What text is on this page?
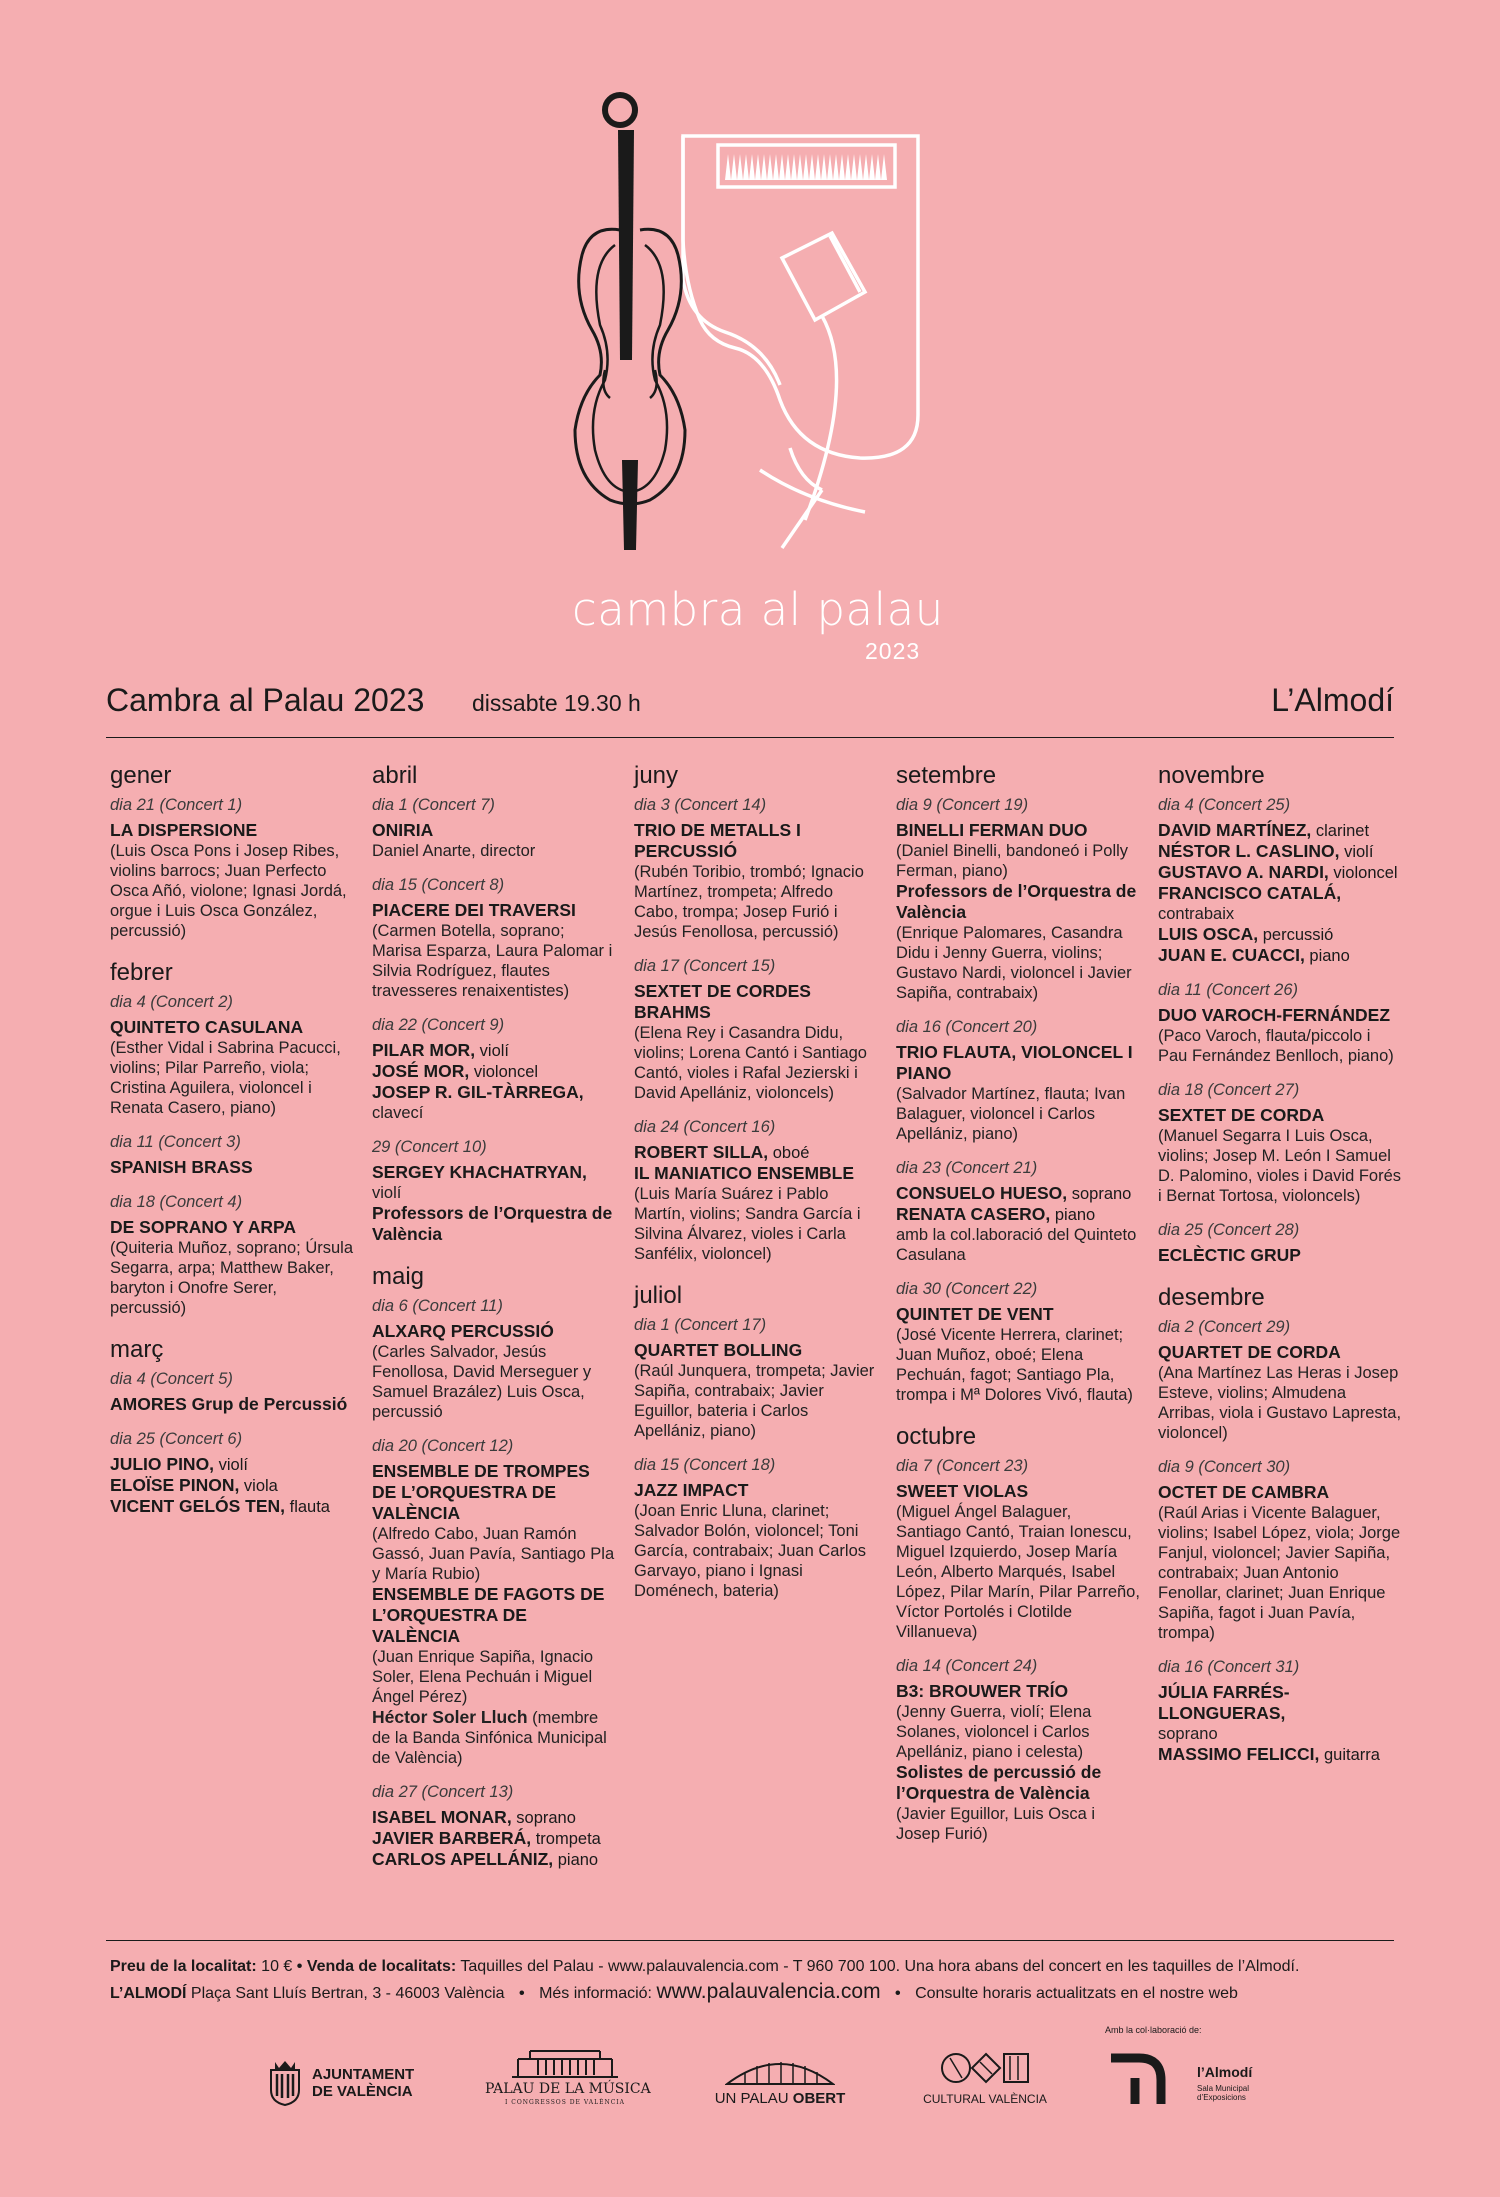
cambra al palau
2023
Cambra al Palau 2023 dissabte 19.30 h	L’Almodí
gener
dia 21 (Concert 1)
LA DISPERSIONE
(Luis Osca Pons i Josep Ribes, violins barrocs; Juan Perfecto Osca Añó, violone; Ignasi Jordá, orgue i Luis Osca González, percussió)
febrer
dia 4 (Concert 2)
QUINTETO CASULANA
(Esther Vidal i Sabrina Pacucci, violins; Pilar Parreño, viola; Cristina Aguilera, violoncel i Renata Casero, piano)
dia 11 (Concert 3)
SPANISH BRASS
dia 18 (Concert 4)
DE SOPRANO Y ARPA
(Quiteria Muñoz, soprano; Úrsula Segarra, arpa; Matthew Baker, baryton i Onofre Serer, percussió)
març
dia 4 (Concert 5)
AMORES Grup de Percussió
dia 25 (Concert 6)
JULIO PINO, violí
ELOÏSE PINON, viola
VICENT GELÓS TEN, flauta
abril
dia 1 (Concert 7)
ONIRIA
Daniel Anarte, director
dia 15 (Concert 8)
PIACERE DEI TRAVERSI
(Carmen Botella, soprano; Marisa Esparza, Laura Palomar i Silvia Rodríguez, flautes travesseres renaixentistes)
dia 22 (Concert 9)
PILAR MOR, violí
JOSÉ MOR, violoncel
JOSEP R. GIL-TÀRREGA,
clavecí
29 (Concert 10)
SERGEY KHACHATRYAN,
violí
Professors de l’Orquestra de València
maig
dia 6 (Concert 11)
ALXARQ PERCUSSIÓ
(Carles Salvador, Jesús Fenollosa, David Merseguer y Samuel Brazález) Luis Osca, percussió
dia 20 (Concert 12)
ENSEMBLE DE TROMPES DE L’ORQUESTRA DE VALÈNCIA
(Alfredo Cabo, Juan Ramón Gassó, Juan Pavía, Santiago Pla y María Rubio)
ENSEMBLE DE FAGOTS DE L’ORQUESTRA DE VALÈNCIA
(Juan Enrique Sapiña, Ignacio Soler, Elena Pechuán i Miguel Ángel Pérez)
Héctor Soler Lluch (membre de la Banda Sinfónica Municipal de València)
dia 27 (Concert 13)
ISABEL MONAR, soprano
JAVIER BARBERÁ, trompeta
CARLOS APELLÁNIZ, piano
juny
dia 3 (Concert 14)
TRIO DE METALLS I PERCUSSIÓ
(Rubén Toribio, trombó; Ignacio Martínez, trompeta; Alfredo Cabo, trompa; Josep Furió i Jesús Fenollosa, percussió)
dia 17 (Concert 15)
SEXTET DE CORDES BRAHMS
(Elena Rey i Casandra Didu, violins; Lorena Cantó i Santiago Cantó, violes i Rafal Jezierski i David Apellániz, violoncels)
dia 24 (Concert 16)
ROBERT SILLA, oboé
IL MANIATICO ENSEMBLE
(Luis María Suárez i Pablo Martín, violins; Sandra García i Silvina Álvarez, violes i Carla Sanfélix, violoncel)
juliol
dia 1 (Concert 17)
QUARTET BOLLING
(Raúl Junquera, trompeta; Javier Sapiña, contrabaix; Javier Eguillor, bateria i Carlos Apellániz, piano)
dia 15 (Concert 18)
JAZZ IMPACT
(Joan Enric Lluna, clarinet; Salvador Bolón, violoncel; Toni García, contrabaix; Juan Carlos Garvayo, piano i Ignasi Doménech, bateria)
setembre
dia 9 (Concert 19)
BINELLI FERMAN DUO
(Daniel Binelli, bandoneó i Polly Ferman, piano)
Professors de l’Orquestra de València
(Enrique Palomares, Casandra Didu i Jenny Guerra, violins; Gustavo Nardi, violoncel i Javier Sapiña, contrabaix)
dia 16 (Concert 20)
TRIO FLAUTA, VIOLONCEL I PIANO
(Salvador Martínez, flauta; Ivan Balaguer, violoncel i Carlos Apellániz, piano)
dia 23 (Concert 21)
CONSUELO HUESO, soprano
RENATA CASERO, piano
amb la col.laboració del Quinteto Casulana
dia 30 (Concert 22)
QUINTET DE VENT
(José Vicente Herrera, clarinet; Juan Muñoz, oboé; Elena Pechuán, fagot; Santiago Pla, trompa i Mª Dolores Vivó, flauta)
octubre
dia 7 (Concert 23)
SWEET VIOLAS
(Miguel Ángel Balaguer, Santiago Cantó, Traian Ionescu, Miguel Izquierdo, Josep María León, Alberto Marqués, Isabel López, Pilar Marín, Pilar Parreño, Víctor Portolés i Clotilde Villanueva)
dia 14 (Concert 24)
B3: BROUWER TRÍO
(Jenny Guerra, violí; Elena Solanes, violoncel i Carlos Apellániz, piano i celesta)
Solistes de percussió de l’Orquestra de València
(Javier Eguillor, Luis Osca i Josep Furió)
novembre
dia 4 (Concert 25)
DAVID MARTÍNEZ, clarinet
NÉSTOR L. CASLINO, violí
GUSTAVO A. NARDI, violoncel
FRANCISCO CATALÁ,
contrabaix
LUIS OSCA, percussió
JUAN E. CUACCI, piano
dia 11 (Concert 26)
DUO VAROCH-FERNÁNDEZ
(Paco Varoch, flauta/piccolo i Pau Fernández Benlloch, piano)
dia 18 (Concert 27)
SEXTET DE CORDA
(Manuel Segarra I Luis Osca, violins; Josep M. León I Samuel D. Palomino, violes i David Forés i Bernat Tortosa, violoncels)
dia 25 (Concert 28)
ECLÈCTIC GRUP
desembre
dia 2 (Concert 29)
QUARTET DE CORDA
(Ana Martínez Las Heras i Josep Esteve, violins; Almudena Arribas, viola i Gustavo Lapresta, violoncel)
dia 9 (Concert 30)
OCTET DE CAMBRA
(Raúl Arias i Vicente Balaguer, violins; Isabel López, viola; Jorge Fanjul, violoncel; Javier Sapiña, contrabaix; Juan Antonio Fenollar, clarinet; Juan Enrique Sapiña, fagot i Juan Pavía, trompa)
dia 16 (Concert 31)
JÚLIA FARRÉS-LLONGUERAS,
soprano
MASSIMO FELICCI, guitarra
Preu de la localitat: 10 € • Venda de localitats: Taquilles del Palau - www.palauvalencia.com - T 960 700 100. Una hora abans del concert en les taquilles de l’Almodí.
L’ALMODÍ Plaça Sant Lluís Bertran, 3 - 46003 València • Més informació: www.palauvalencia.com • Consulte horaris actualitzats en el nostre web
AJUNTAMENT
DE VALÈNCIA	PALAU DE LA MÚSICA
I CONGRESSOS DE VALÈNCIA	UN PALAU OBERT	CULTURAL VALÈNCIA
Amb la col·laboració de:
l’Almodí
Sala Municipal
d’Exposicions
